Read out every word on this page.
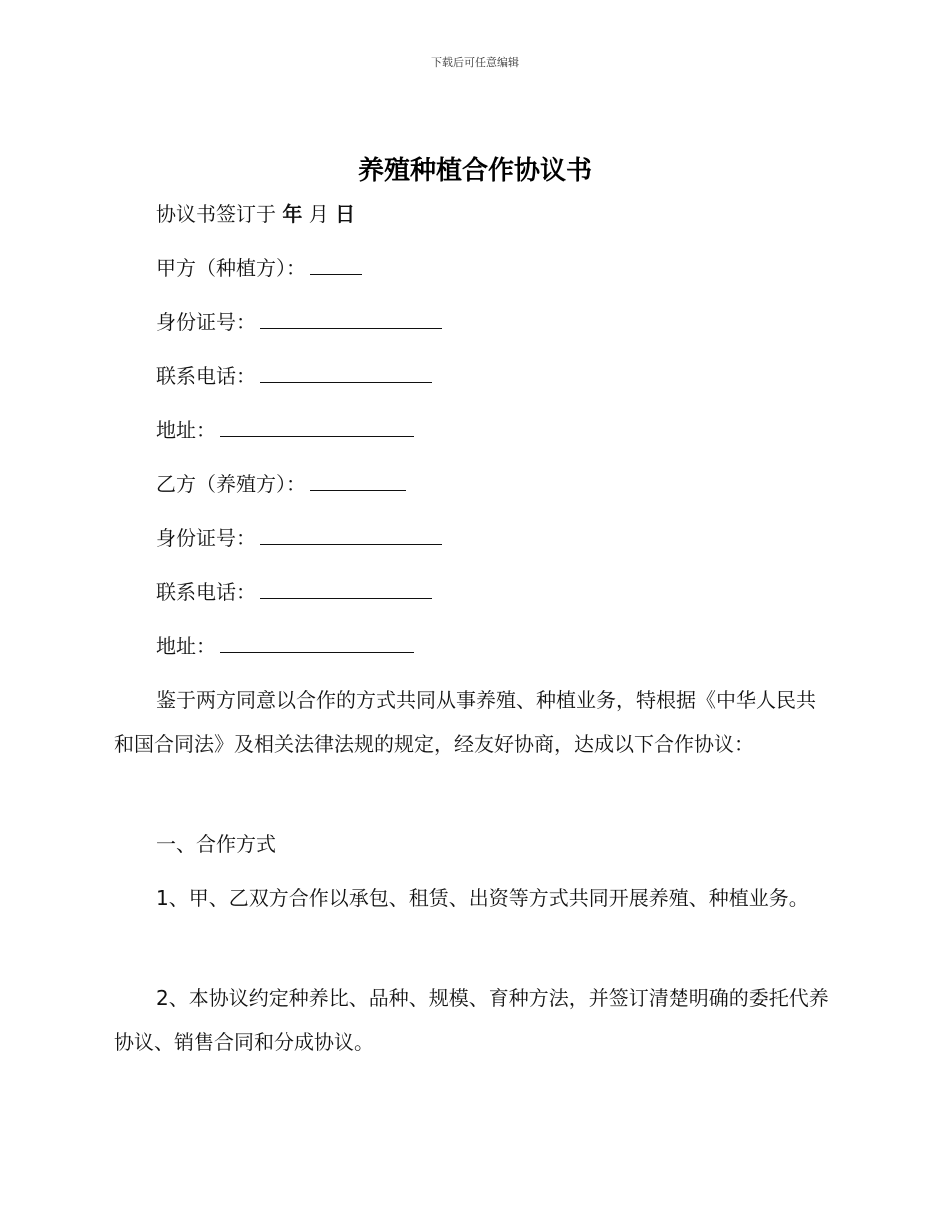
下载后可任意编辑
养殖种植合作协议书
协议书签订于 年 月 日
甲方（种植方）：
身份证号：
联系电话：
地址：
乙方（养殖方）：
身份证号：
联系电话：
地址：
鉴于两方同意以合作的方式共同从事养殖、种植业务，特根据《中华人民共和国合同法》及相关法律法规的规定，经友好协商，达成以下合作协议：
一、合作方式
1、甲、乙双方合作以承包、租赁、出资等方式共同开展养殖、种植业务。
2、本协议约定种养比、品种、规模、育种方法，并签订清楚明确的委托代养协议、销售合同和分成协议。
